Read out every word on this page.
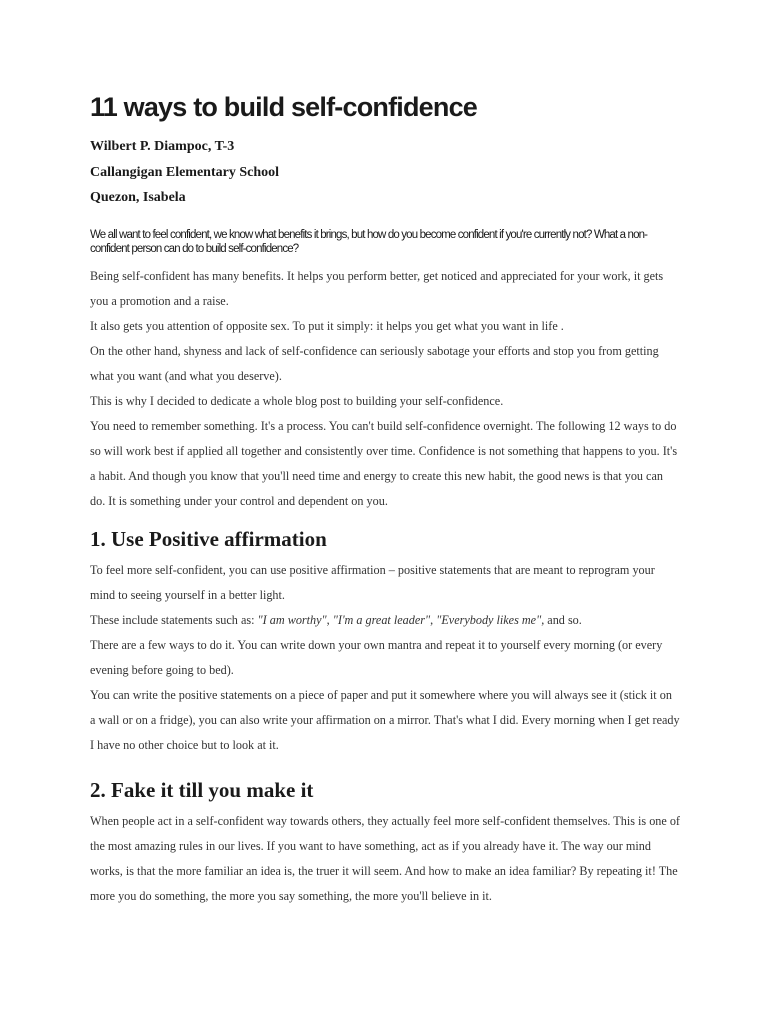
11 ways to build self-confidence
Wilbert P. Diampoc, T-3
Callangigan Elementary School
Quezon, Isabela

We all want to feel confident, we know what benefits it brings, but how do you become confident if you're currently not? What a non-confident person can do to build self-confidence?

Being self-confident has many benefits. It helps you perform better, get noticed and appreciated for your work, it gets you a promotion and a raise.

It also gets you attention of opposite sex. To put it simply: it helps you get what you want in life .

On the other hand, shyness and lack of self-confidence can seriously sabotage your efforts and stop you from getting what you want (and what you deserve).

This is why I decided to dedicate a whole blog post to building your self-confidence.

You need to remember something. It's a process. You can't build self-confidence overnight. The following 12 ways to do so will work best if applied all together and consistently over time. Confidence is not something that happens to you. It's a habit. And though you know that you'll need time and energy to create this new habit, the good news is that you can do. It is something under your control and dependent on you.

1. Use Positive affirmation

To feel more self-confident, you can use positive affirmation – positive statements that are meant to reprogram your mind to seeing yourself in a better light.

These include statements such as: "I am worthy", "I'm a great leader", "Everybody likes me", and so.

There are a few ways to do it. You can write down your own mantra and repeat it to yourself every morning (or every evening before going to bed).

You can write the positive statements on a piece of paper and put it somewhere where you will always see it (stick it on a wall or on a fridge), you can also write your affirmation on a mirror. That's what I did. Every morning when I get ready I have no other choice but to look at it.

2. Fake it till you make it

When people act in a self-confident way towards others, they actually feel more self-confident themselves. This is one of the most amazing rules in our lives. If you want to have something, act as if you already have it. The way our mind works, is that the more familiar an idea is, the truer it will seem. And how to make an idea familiar? By repeating it! The more you do something, the more you say something, the more you'll believe in it.
